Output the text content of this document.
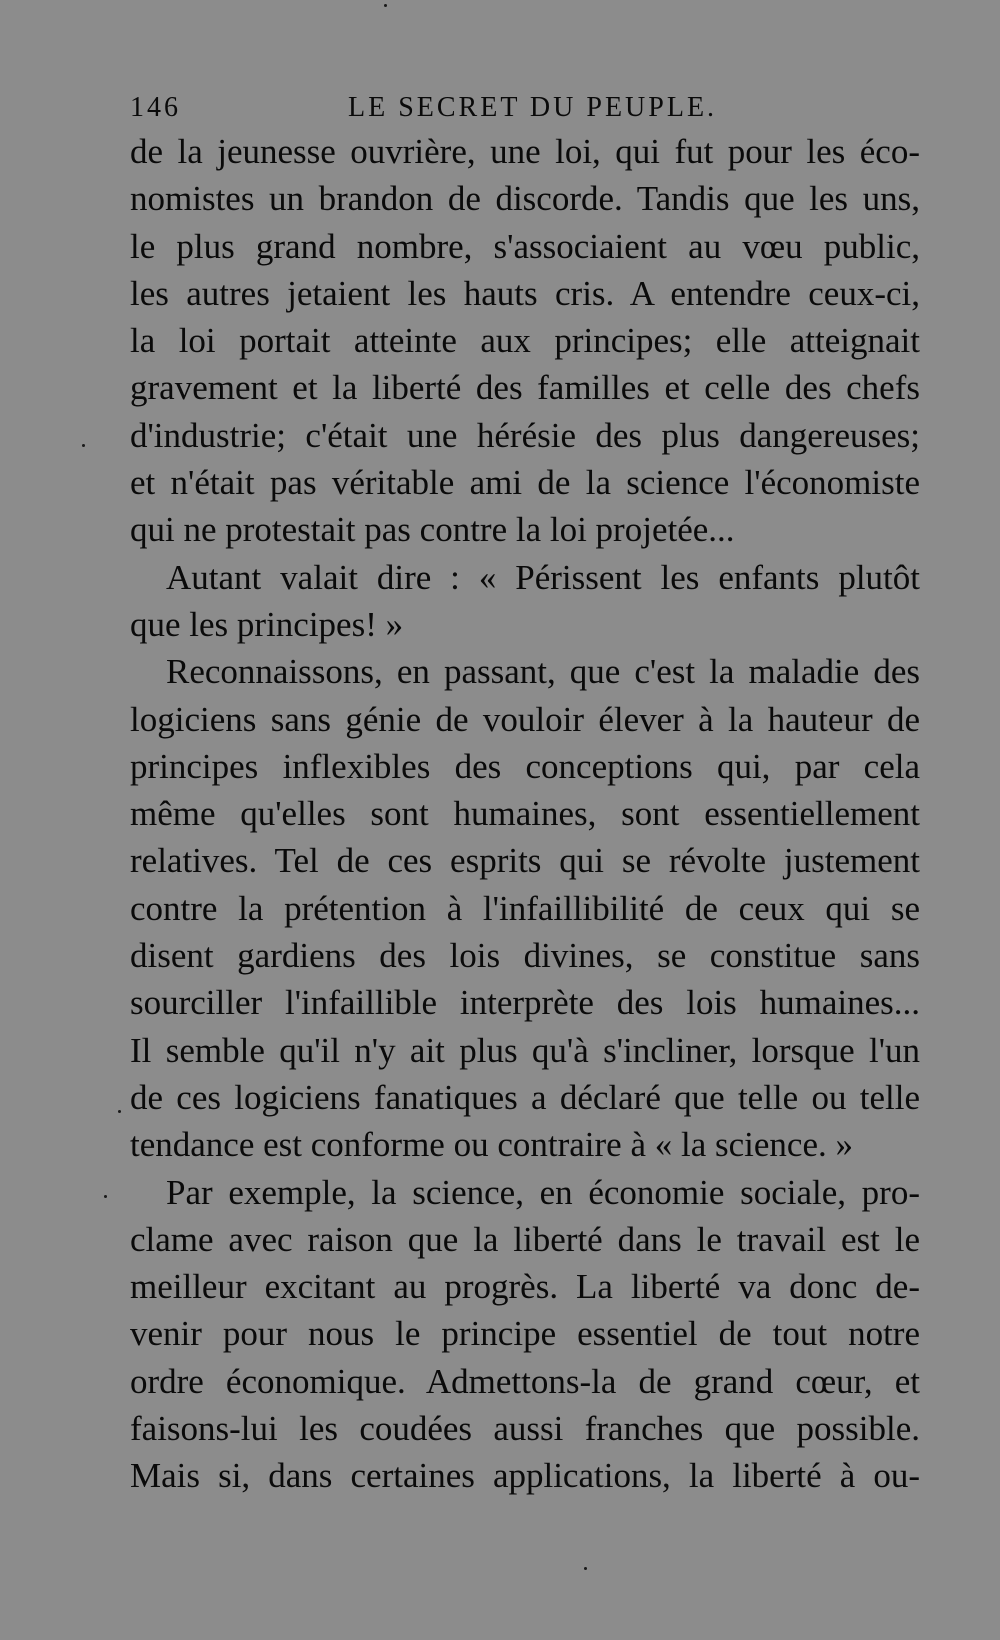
146	LE SECRET DU PEUPLE.
de la jeunesse ouvrière, une loi, qui fut pour les éco-
nomistes un brandon de discorde. Tandis que les uns,
le plus grand nombre, s'associaient au vœu public,
les autres jetaient les hauts cris. A entendre ceux-ci,
la loi portait atteinte aux principes; elle atteignait
gravement et la liberté des familles et celle des chefs
d'industrie; c'était une hérésie des plus dangereuses;
et n'était pas véritable ami de la science l'économiste
qui ne protestait pas contre la loi projetée...
Autant valait dire : « Périssent les enfants plutôt
que les principes! »
Reconnaissons, en passant, que c'est la maladie des
logiciens sans génie de vouloir élever à la hauteur de
principes inflexibles des conceptions qui, par cela
même qu'elles sont humaines, sont essentiellement
relatives. Tel de ces esprits qui se révolte justement
contre la prétention à l'infaillibilité de ceux qui se
disent gardiens des lois divines, se constitue sans
sourciller l'infaillible interprète des lois humaines...
Il semble qu'il n'y ait plus qu'à s'incliner, lorsque l'un
de ces logiciens fanatiques a déclaré que telle ou telle
tendance est conforme ou contraire à « la science. »
Par exemple, la science, en économie sociale, pro-
clame avec raison que la liberté dans le travail est le
meilleur excitant au progrès. La liberté va donc de-
venir pour nous le principe essentiel de tout notre
ordre économique. Admettons-la de grand cœur, et
faisons-lui les coudées aussi franches que possible.
Mais si, dans certaines applications, la liberté à ou-
